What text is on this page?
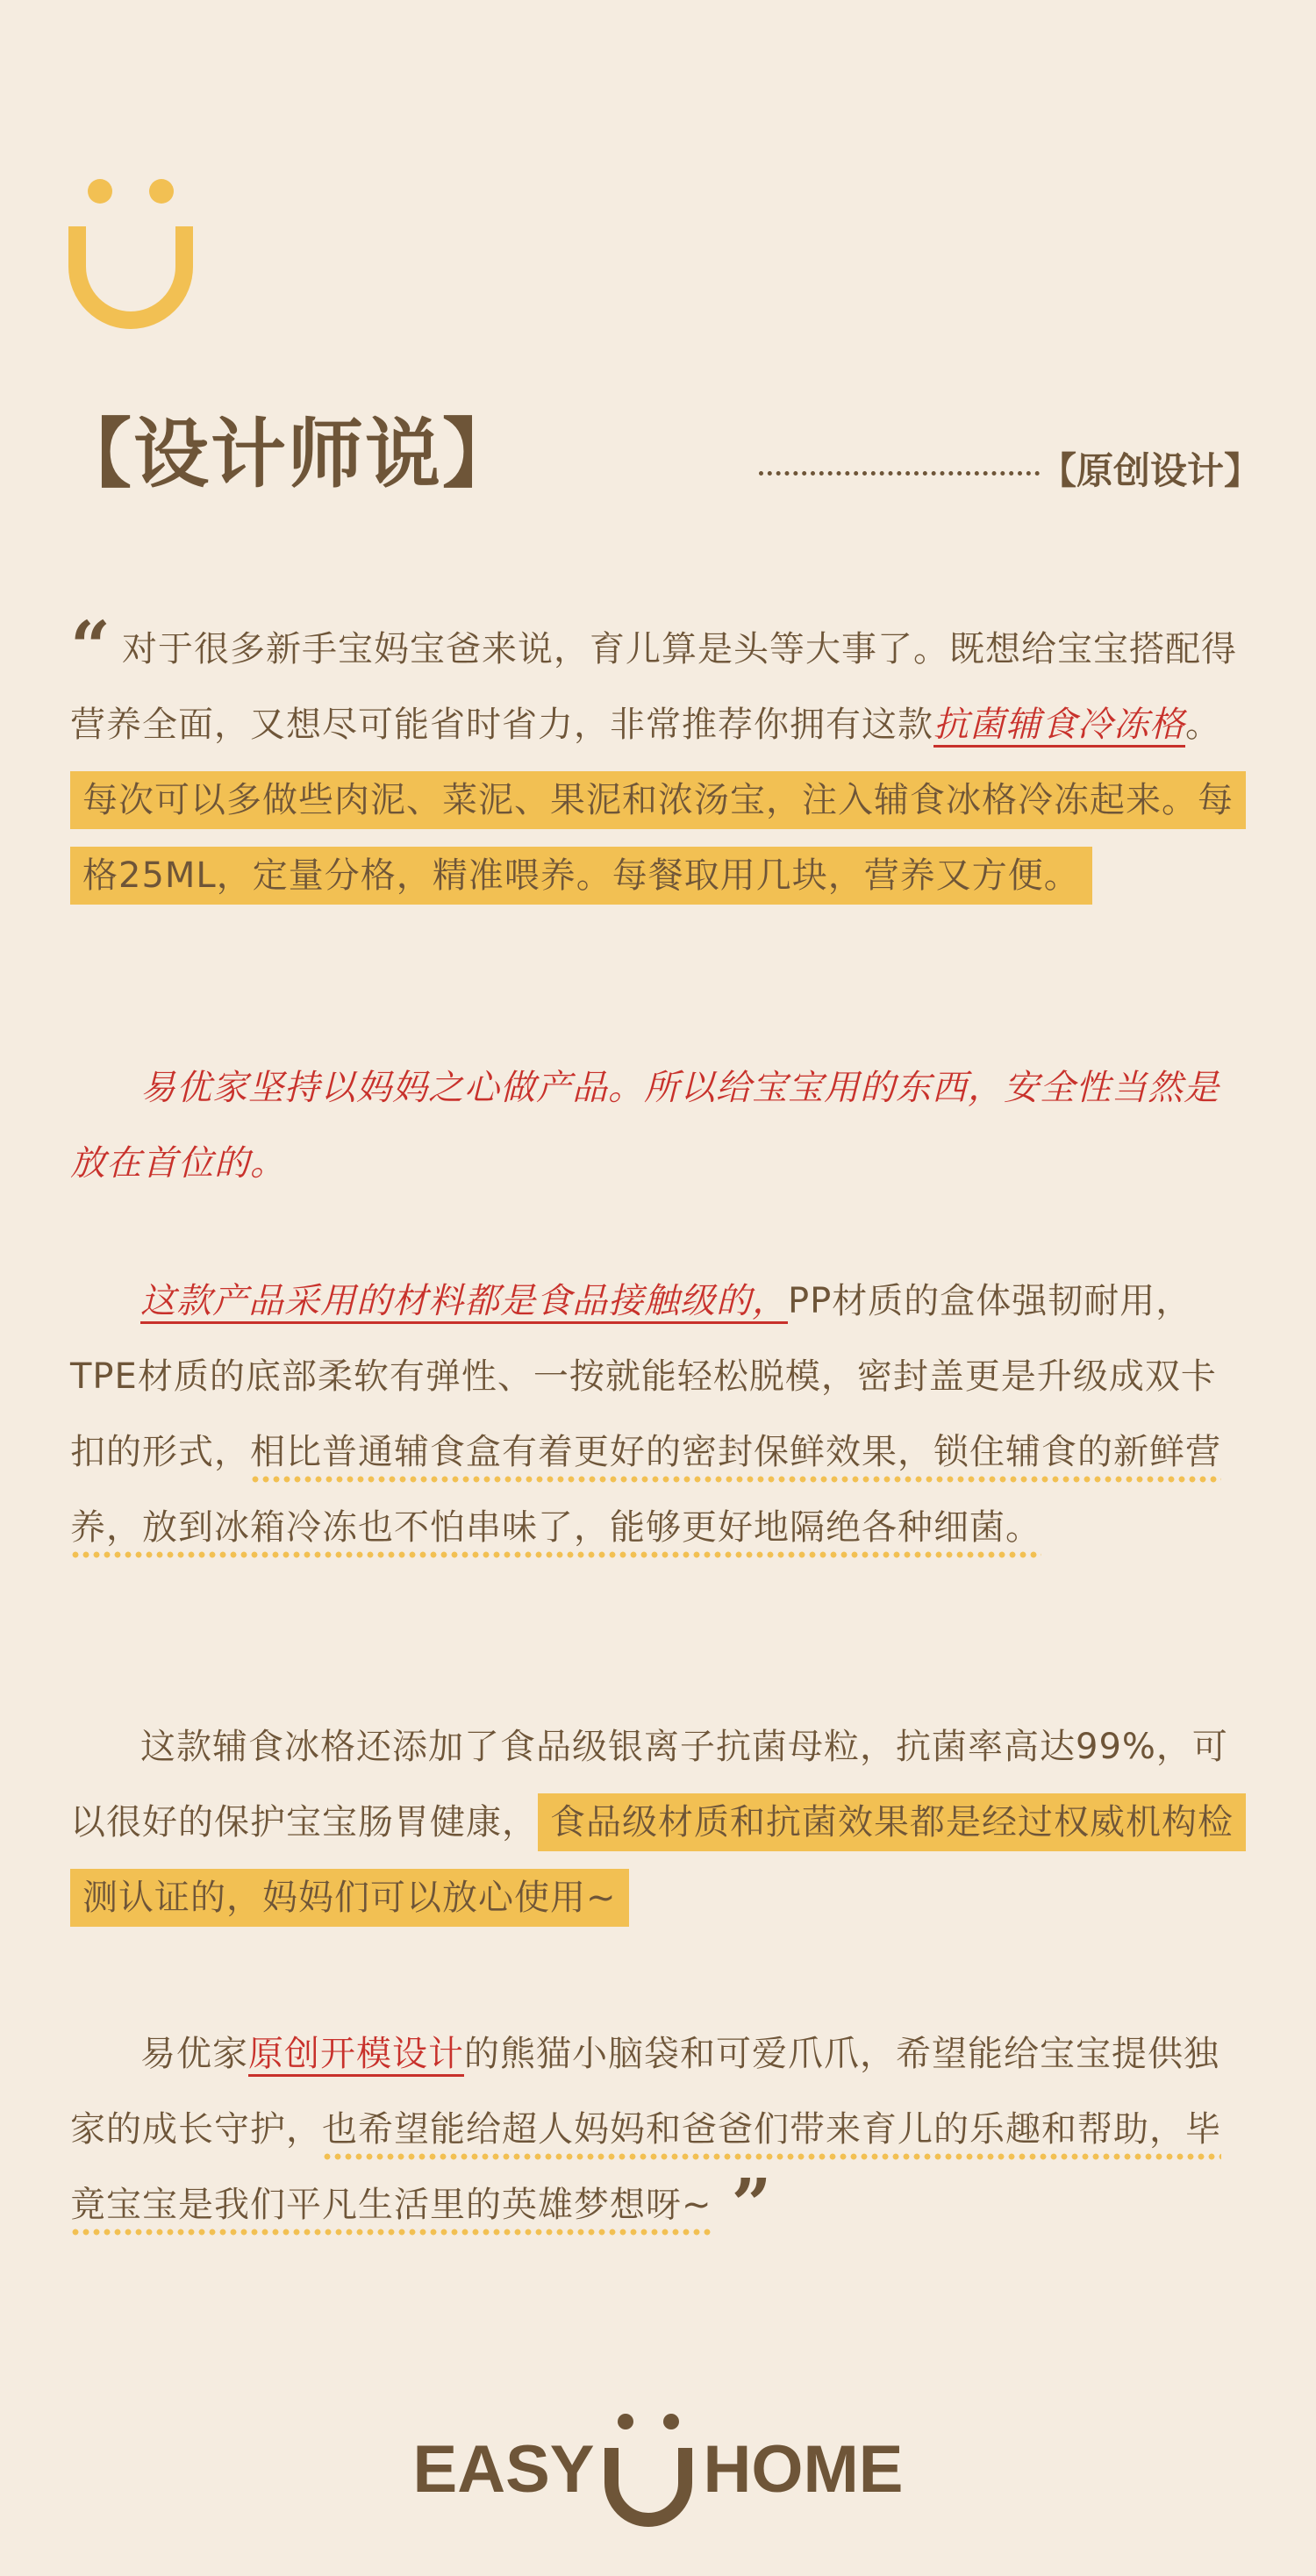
【设计师说】	【原创设计】

“ 对于很多新手宝妈宝爸来说，育儿算是头等大事了。既想给宝宝搭配得营养全面，又想尽可能省时省力，非常推荐你拥有这款抗菌辅食冷冻格。 每次可以多做些肉泥、菜泥、果泥和浓汤宝，注入辅食冰格冷冻起来。每格25ML，定量分格，精准喂养。每餐取用几块，营养又方便。

易优家坚持以妈妈之心做产品。所以给宝宝用的东西，安全性当然是放在首位的。

这款产品采用的材料都是食品接触级的，PP材质的盒体强韧耐用，TPE材质的底部柔软有弹性、一按就能轻松脱模，密封盖更是升级成双卡扣的形式，相比普通辅食盒有着更好的密封保鲜效果，锁住辅食的新鲜营养，放到冰箱冷冻也不怕串味了，能够更好地隔绝各种细菌。

这款辅食冰格还添加了食品级银离子抗菌母粒，抗菌率高达99%，可以很好的保护宝宝肠胃健康， 食品级材质和抗菌效果都是经过权威机构检测认证的，妈妈们可以放心使用~

易优家原创开模设计的熊猫小脑袋和可爱爪爪，希望能给宝宝提供独家的成长守护，也希望能给超人妈妈和爸爸们带来育儿的乐趣和帮助，毕竟宝宝是我们平凡生活里的英雄梦想呀~ ”

EASY HOME
